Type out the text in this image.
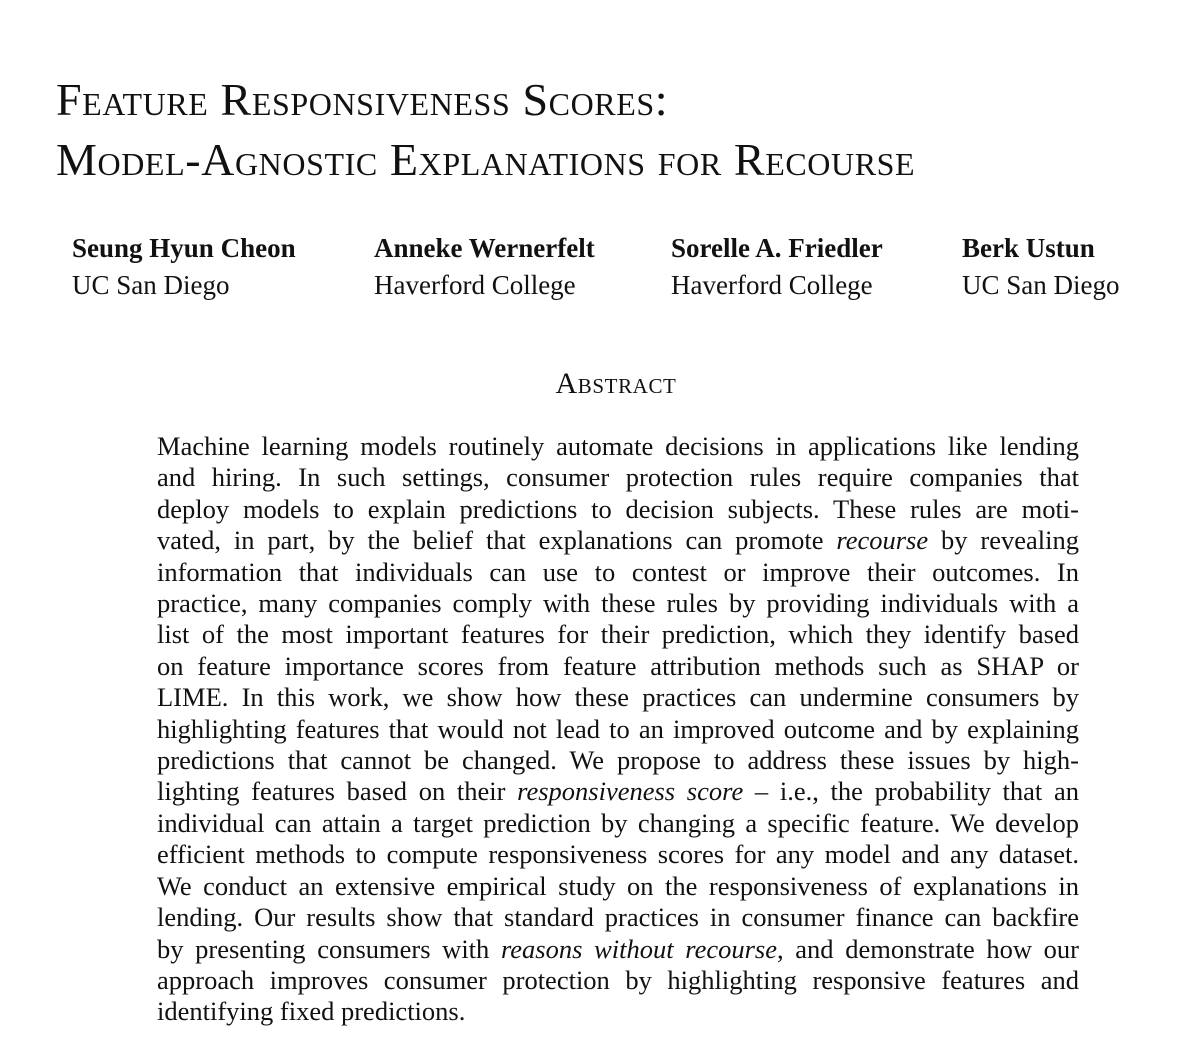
Feature Responsiveness Scores:
Model-Agnostic Explanations for Recourse
Seung Hyun Cheon
UC San Diego
Anneke Wernerfelt
Haverford College
Sorelle A. Friedler
Haverford College
Berk Ustun
UC San Diego
Abstract
Machine learning models routinely automate decisions in applications like lending
and hiring. In such settings, consumer protection rules require companies that
deploy models to explain predictions to decision subjects. These rules are moti-
vated, in part, by the belief that explanations can promote recourse by revealing
information that individuals can use to contest or improve their outcomes. In
practice, many companies comply with these rules by providing individuals with a
list of the most important features for their prediction, which they identify based
on feature importance scores from feature attribution methods such as SHAP or
LIME. In this work, we show how these practices can undermine consumers by
highlighting features that would not lead to an improved outcome and by explaining
predictions that cannot be changed. We propose to address these issues by high-
lighting features based on their responsiveness score – i.e., the probability that an
individual can attain a target prediction by changing a specific feature. We develop
efficient methods to compute responsiveness scores for any model and any dataset.
We conduct an extensive empirical study on the responsiveness of explanations in
lending. Our results show that standard practices in consumer finance can backfire
by presenting consumers with reasons without recourse, and demonstrate how our
approach improves consumer protection by highlighting responsive features and
identifying fixed predictions.
